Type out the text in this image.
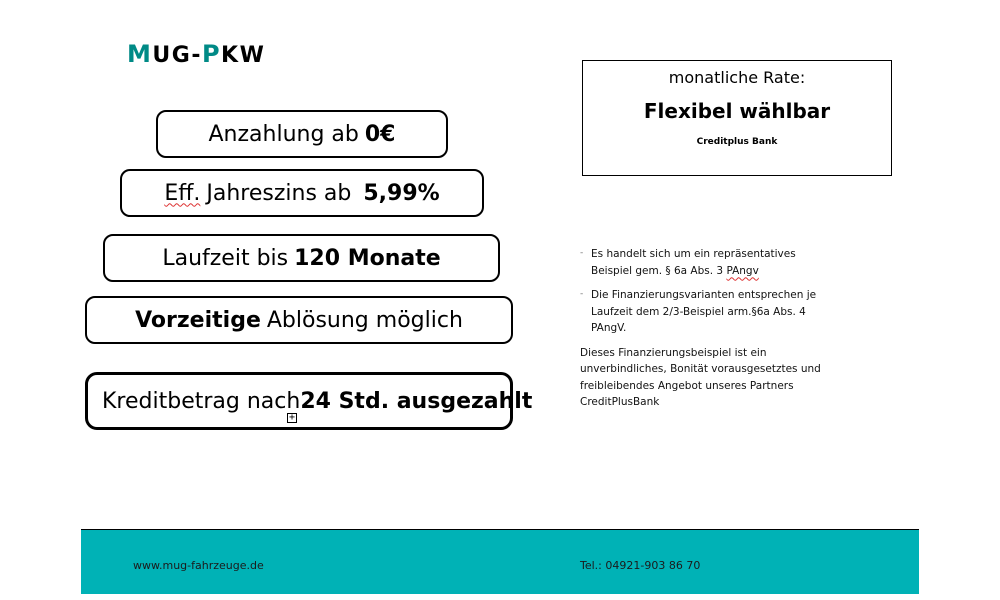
MUG-PKW
Anzahlung ab 0€
Eff. Jahreszins ab 5,99%
Laufzeit bis 120 Monate
Vorzeitige Ablösung möglich
Kreditbetrag nach 24 Std. ausgezahlt
+
monatliche Rate:
Flexibel wählbar
Creditplus Bank
- Es handelt sich um ein repräsentatives Beispiel gem. § 6a Abs. 3 PAngv
- Die Finanzierungsvarianten entsprechen je Laufzeit dem 2/3-Beispiel arm.§6a Abs. 4 PAngV.
Dieses Finanzierungsbeispiel ist ein unverbindliches, Bonität vorausgesetztes und freibleibendes Angebot unseres Partners CreditPlusBank
www.mug-fahrzeuge.de	Tel.: 04921-903 86 70
